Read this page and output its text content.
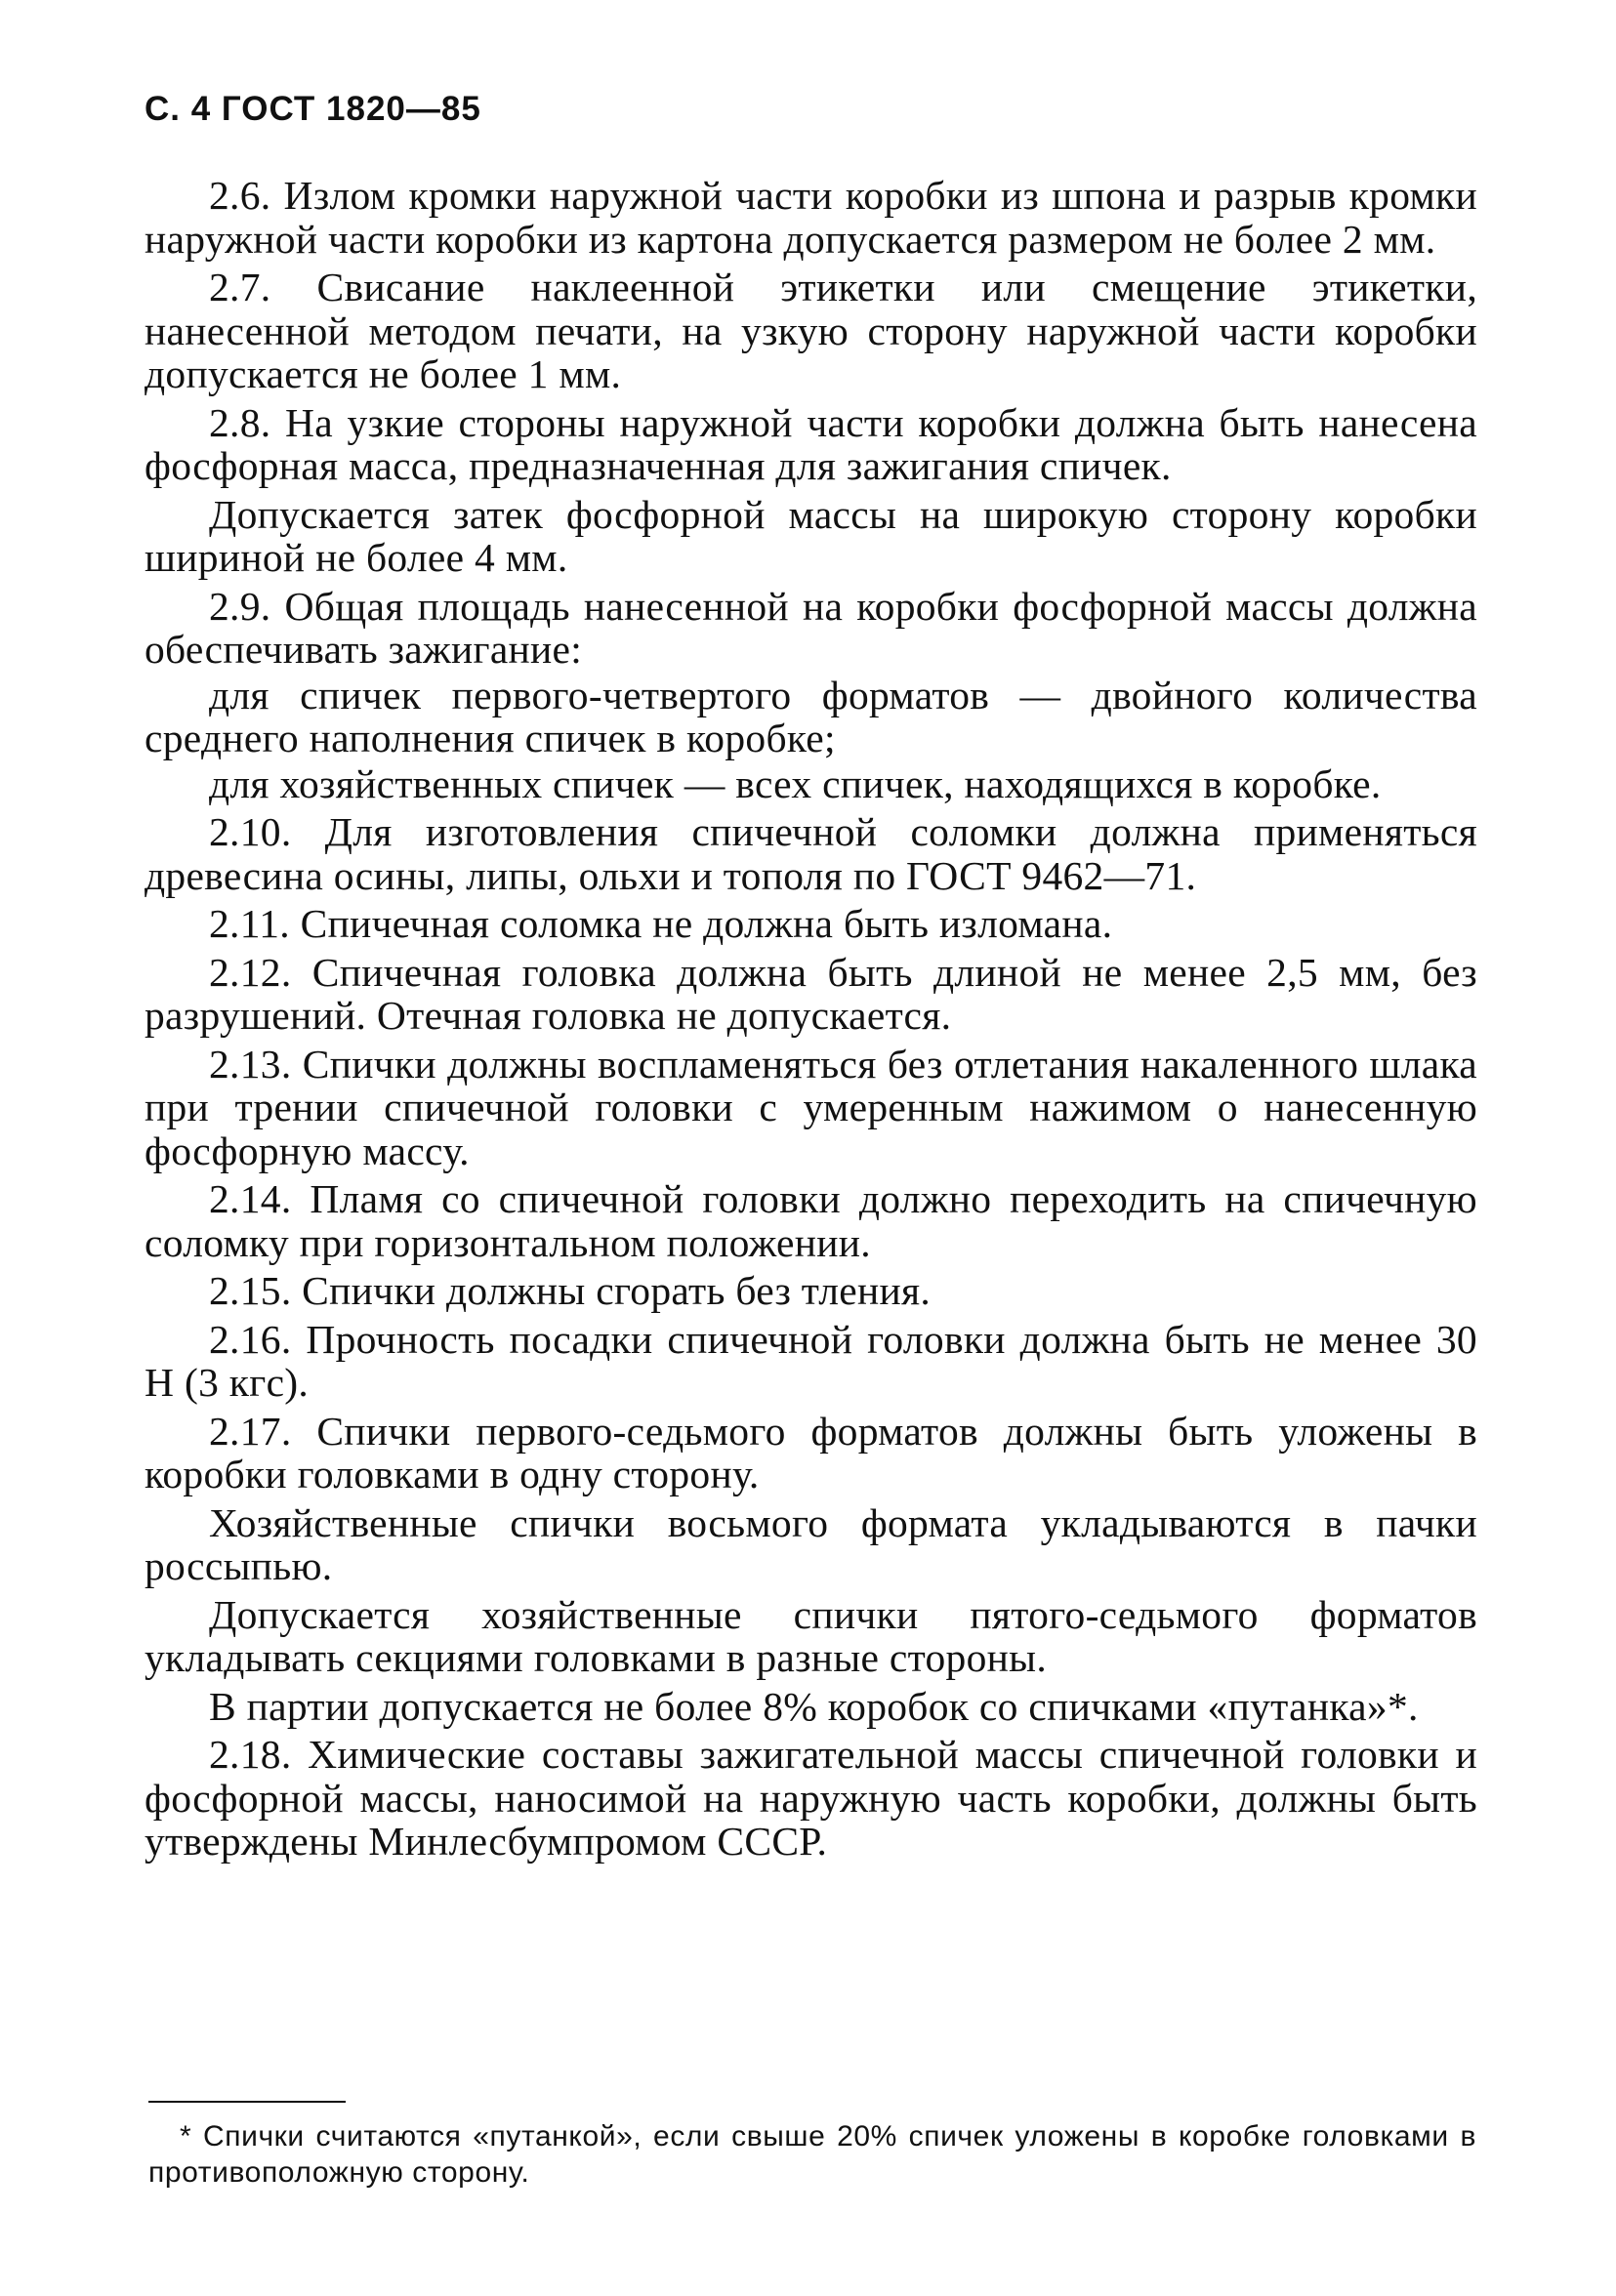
С. 4 ГОСТ 1820—85

2.6. Излом кромки наружной части коробки из шпона и разрыв кромки наружной части коробки из картона допускается размером не более 2 мм.

2.7. Свисание наклеенной этикетки или смещение этикетки, нанесенной методом печати, на узкую сторону наружной части коробки допускается не более 1 мм.

2.8. На узкие стороны наружной части коробки должна быть нанесена фосфорная масса, предназначенная для зажигания спичек.

Допускается затек фосфорной массы на широкую сторону коробки шириной не более 4 мм.

2.9. Общая площадь нанесенной на коробки фосфорной массы должна обеспечивать зажигание:

для спичек первого-четвертого форматов — двойного количества среднего наполнения спичек в коробке;

для хозяйственных спичек — всех спичек, находящихся в коробке.

2.10. Для изготовления спичечной соломки должна применяться древесина осины, липы, ольхи и тополя по ГОСТ 9462—71.

2.11. Спичечная соломка не должна быть изломана.

2.12. Спичечная головка должна быть длиной не менее 2,5 мм, без разрушений. Отечная головка не допускается.

2.13. Спички должны воспламеняться без отлетания накаленного шлака при трении спичечной головки с умеренным нажимом о нанесенную фосфорную массу.

2.14. Пламя со спичечной головки должно переходить на спичечную соломку при горизонтальном положении.

2.15. Спички должны сгорать без тления.

2.16. Прочность посадки спичечной головки должна быть не менее 30 Н (3 кгс).

2.17. Спички первого-седьмого форматов должны быть уложены в коробки головками в одну сторону.

Хозяйственные спички восьмого формата укладываются в пачки россыпью.

Допускается хозяйственные спички пятого-седьмого форматов укладывать секциями головками в разные стороны.

В партии допускается не более 8% коробок со спичками «путанка»*.

2.18. Химические составы зажигательной массы спичечной головки и фосфорной массы, наносимой на наружную часть коробки, должны быть утверждены Минлесбумпромом СССР.

* Спички считаются «путанкой», если свыше 20% спичек уложены в коробке головками в противоположную сторону.
